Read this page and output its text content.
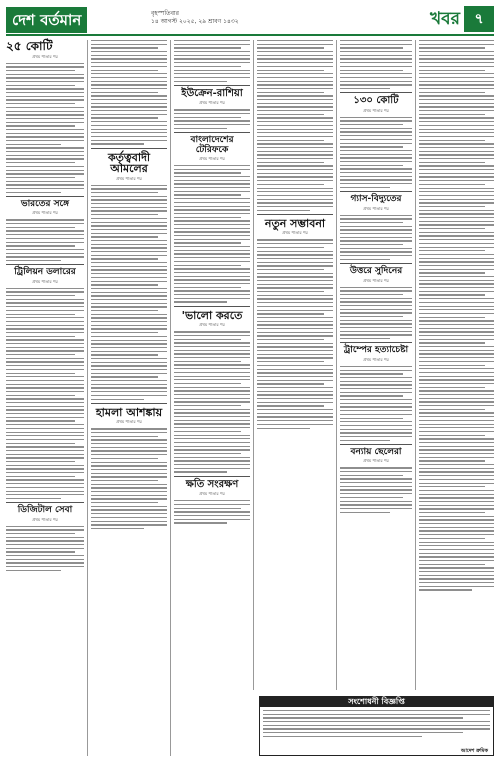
দেশ বর্তমান	বৃহস্পতিবার
১৪ আগস্ট ২০২৫, ২৯ শ্রাবণ ১৪৩২	খবর	৭
২৫ কোটি
প্রথম পাতার পর
ভারতের সঙ্গে
প্রথম পাতার পর
ট্রিলিয়ন ডলারের
প্রথম পাতার পর
ডিজিটাল সেবা
প্রথম পাতার পর
কর্তৃত্ববাদী আমলের
প্রথম পাতার পর
হামলা আশঙ্কায়
প্রথম পাতার পর
ইউক্রেন-রাশিয়া
প্রথম পাতার পর
বাংলাদেশের টেরিফকে
প্রথম পাতার পর
'ভালো করতে
প্রথম পাতার পর
ক্ষতি সংরক্ষণ
প্রথম পাতার পর
নতুন সম্ভাবনা
প্রথম পাতার পর
১৩০ কোটি
প্রথম পাতার পর
গ্যাস-বিদ্যুতের
প্রথম পাতার পর
উত্তরে সুদিনের
প্রথম পাতার পর
ট্রাম্পের হত্যাচেষ্টা
প্রথম পাতার পর
বন্যায় ছেলেরা
প্রথম পাতার পর
সংশোধনী বিজ্ঞপ্তি
আদেশ ক্রমিক
